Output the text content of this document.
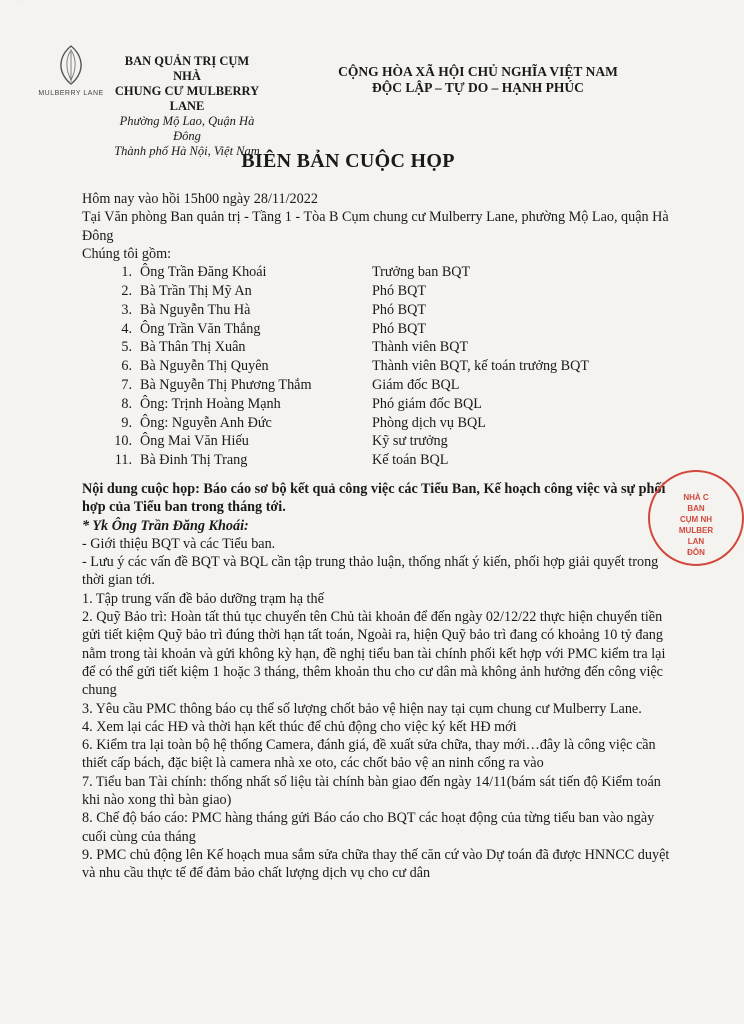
MULBERRY LANE
BAN QUẢN TRỊ CỤM NHÀ
CHUNG CƯ MULBERRY LANE
Phường Mộ Lao, Quận Hà Đông
Thành phố Hà Nội, Việt Nam
CỘNG HÒA XÃ HỘI CHỦ NGHĨA VIỆT NAM
ĐỘC LẬP – TỰ DO – HẠNH PHÚC
BIÊN BẢN CUỘC HỌP

Hôm nay vào hồi 15h00 ngày 28/11/2022

Tại Văn phòng Ban quản trị - Tầng 1 - Tòa B Cụm chung cư Mulberry Lane, phường Mộ Lao, quận Hà Đông

Chúng tôi gồm:

1. Ông Trần Đăng Khoái	Trưởng ban BQT
2. Bà Trần Thị Mỹ An	Phó BQT
3. Bà Nguyễn Thu Hà	Phó BQT
4. Ông Trần Văn Thắng	Phó BQT
5. Bà Thân Thị Xuân	Thành viên BQT
6. Bà Nguyễn Thị Quyên	Thành viên BQT, kế toán trưởng BQT
7. Bà Nguyễn Thị Phương Thắm	Giám đốc BQL
8. Ông: Trịnh Hoàng Mạnh	Phó giám đốc BQL
9. Ông: Nguyễn Anh Đức	Phòng dịch vụ BQL
10. Ông Mai Văn Hiếu	Kỹ sư trưởng
11. Bà Đinh Thị Trang	Kế toán BQL

Nội dung cuộc họp: Báo cáo sơ bộ kết quả công việc các Tiểu Ban, Kế hoạch công việc và sự phối hợp của Tiểu ban trong tháng tới.

* Yk Ông Trần Đăng Khoái:

- Giới thiệu BQT và các Tiểu ban.

- Lưu ý các vấn đề BQT và BQL cần tập trung thảo luận, thống nhất ý kiến, phối hợp giải quyết trong thời gian tới.

1. Tập trung vấn đề bảo dưỡng trạm hạ thế

2. Quỹ Bảo trì: Hoàn tất thủ tục chuyển tên Chủ tài khoản để đến ngày 02/12/22 thực hiện chuyển tiền gửi tiết kiệm Quỹ bảo trì đúng thời hạn tất toán, Ngoài ra, hiện Quỹ bảo trì đang có khoảng 10 tỷ đang nằm trong tài khoản và gửi không kỳ hạn, đề nghị tiểu ban tài chính phối kết hợp với PMC kiểm tra lại để có thể gửi tiết kiệm 1 hoặc 3 tháng, thêm khoản thu cho cư dân mà không ảnh hưởng đến công việc chung

3. Yêu cầu PMC thông báo cụ thể số lượng chốt bảo vệ hiện nay tại cụm chung cư Mulberry Lane.

4. Xem lại các HĐ và thời hạn kết thúc để chủ động cho việc ký kết HĐ mới

6. Kiểm tra lại toàn bộ hệ thống Camera, đánh giá, đề xuất sửa chữa, thay mới…đây là công việc cần thiết cấp bách, đặc biệt là camera nhà xe oto, các chốt bảo vệ an ninh cổng ra vào

7. Tiểu ban Tài chính: thống nhất số liệu tài chính bàn giao đến ngày 14/11(bám sát tiến độ Kiểm toán khi nào xong thì bàn giao)

8. Chế độ báo cáo: PMC hàng tháng gửi Báo cáo cho BQT các hoạt động của từng tiểu ban vào ngày cuối cùng của tháng

9. PMC chủ động lên Kế hoạch mua sắm sửa chữa thay thế căn cứ vào Dự toán đã được HNNCC duyệt và nhu cầu thực tế để đảm bảo chất lượng dịch vụ cho cư dân

NHÀ C
BAN
CỤM NH
MULBER
LAN
ĐÔN
